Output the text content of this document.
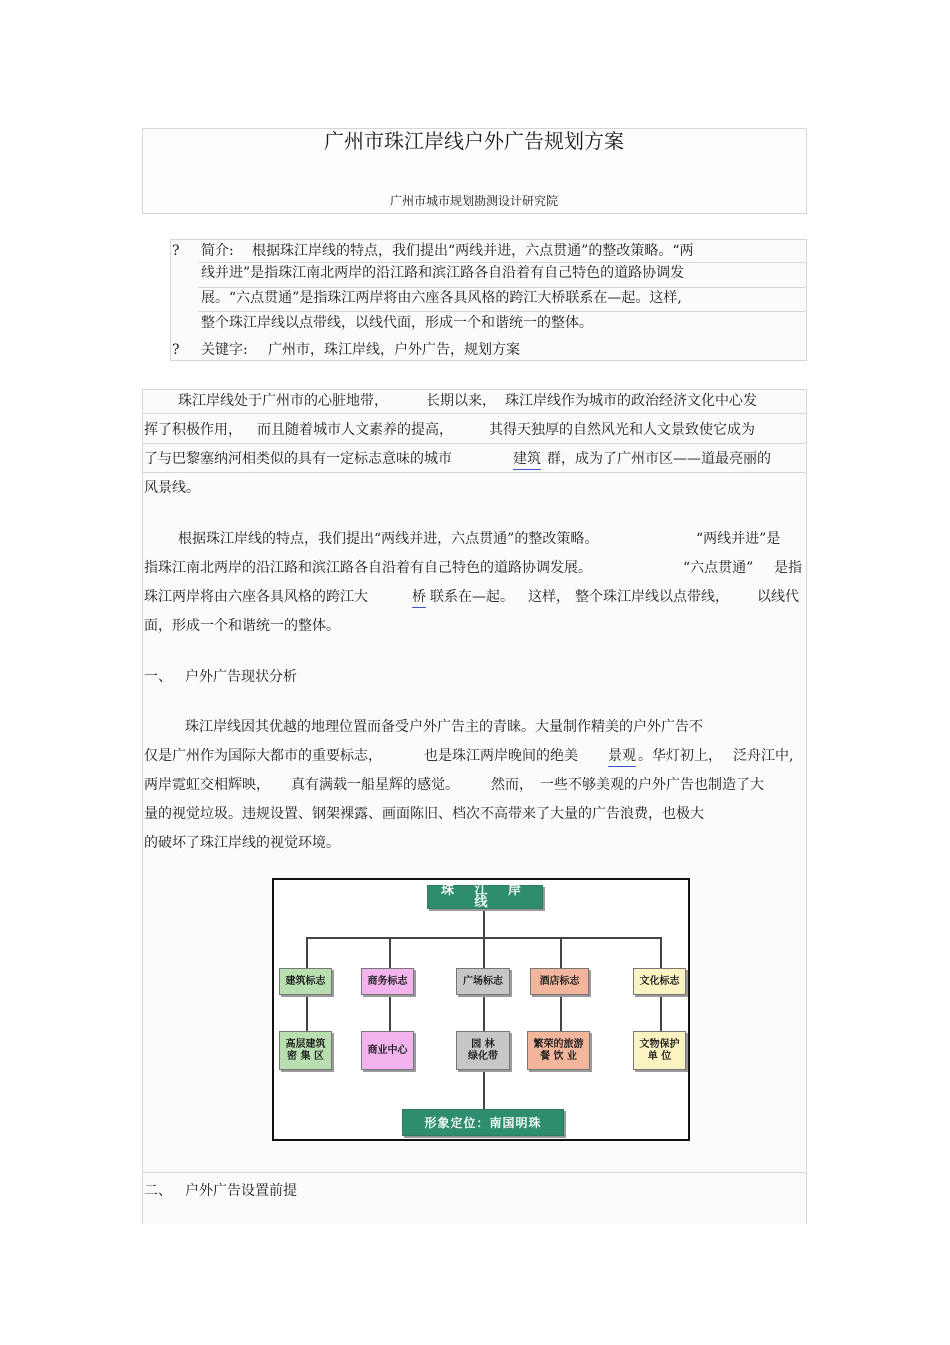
广州市珠江岸线户外广告规划方案
广州市城市规划勘测设计研究院
? 简介: 根据珠江岸线的特点，我们提出“两线并进，六点贯通”的整改策略。“两
线并进”是指珠江南北两岸的沿江路和滨江路各自沿着有自己特色的道路协调发
展。“六点贯通”是指珠江两岸将由六座各具风格的跨江大桥联系在—起。这样,
整个珠江岸线以点带线，以线代面，形成一个和谐统一的整体。
? 关键字: 广州市，珠江岸线，户外广告，规划方案
珠江岸线处于广州市的心脏地带，	长期以来， 珠江岸线作为城市的政治经济文化中心发
挥了积极作用， 而且随着城市人文素养的提高，	其得天独厚的自然风光和人文景致使它成为
了与巴黎塞纳河相类似的具有一定标志意味的城市	建筑 群，成为了广州市区——道最亮丽的
风景线。
根据珠江岸线的特点，我们提出“两线并进，六点贯通”的整改策略。	“两线并进”是
指珠江南北两岸的沿江路和滨江路各自沿着有自己特色的道路协调发展。	“六点贯通” 是指
珠江两岸将由六座各具风格的跨江大	桥 联系在—起。 这样， 整个珠江岸线以点带线， 以线代
面，形成一个和谐统一的整体。
一、 户外广告现状分析
珠江岸线因其优越的地理位置而备受户外广告主的青睐。大量制作精美的户外广告不
仅是广州作为国际大都市的重要标志，	也是珠江两岸晚间的绝美 景观 。华灯初上， 泛舟江中,
两岸霓虹交相辉映， 真有满载一船星辉的感觉。 然而， 一些不够美观的户外广告也制造了大
量的视觉垃圾。违规设置、钢架裸露、画面陈旧、档次不高带来了大量的广告浪费，也极大
的破坏了珠江岸线的视觉环境。
珠 江 岸 线
建筑标志	商务标志	广场标志	酒店标志	文化标志
高层建筑
密 集 区
商业中心
园 林
绿化带
繁荣的旅游
餐 饮 业
文物保护
单 位
形象定位：南国明珠
二、 户外广告设置前提
